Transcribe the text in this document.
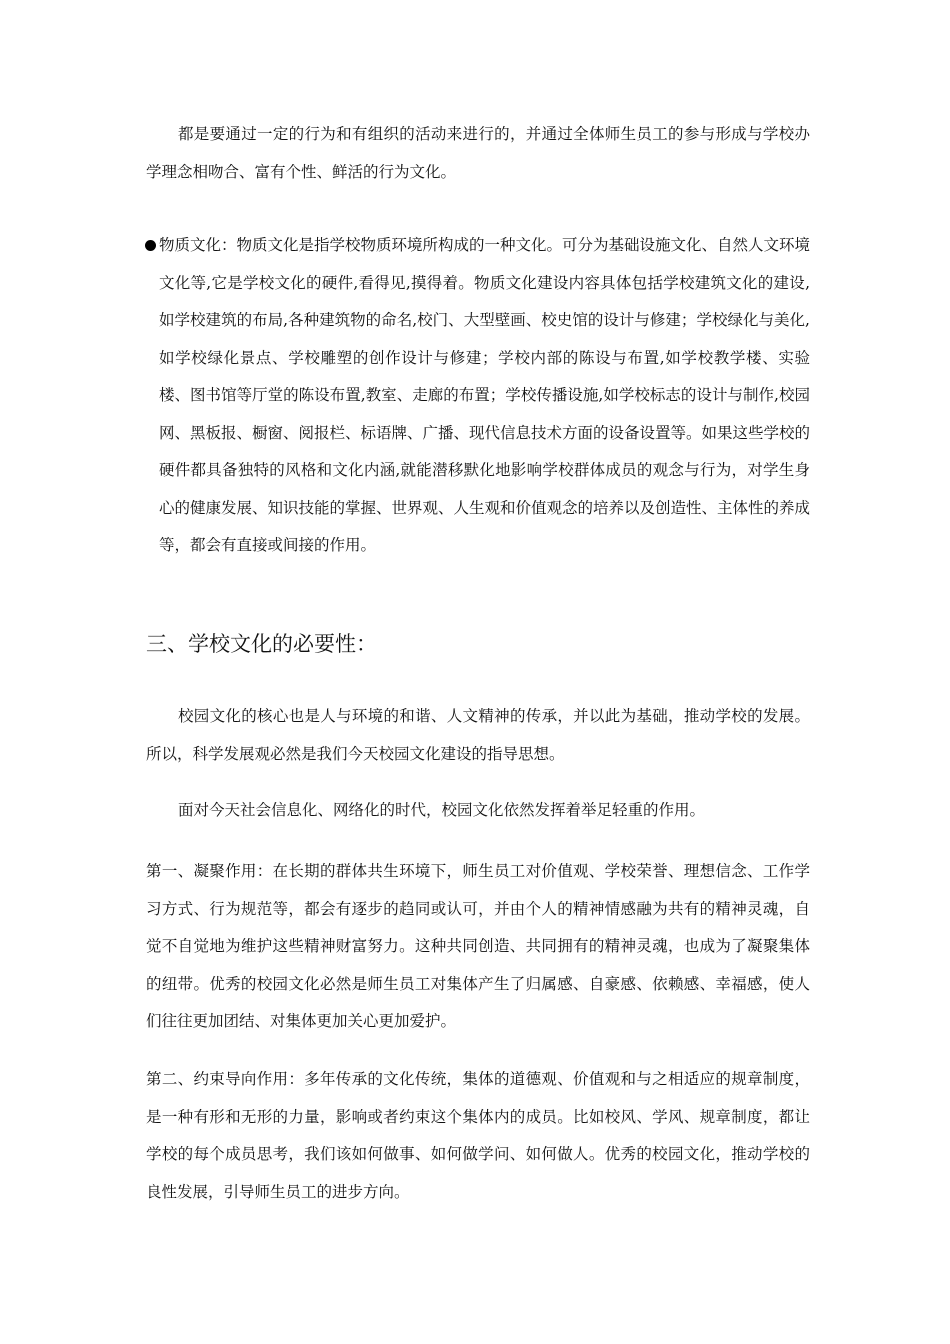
都是要通过一定的行为和有组织的活动来进行的，并通过全体师生员工的参与形成与学校办学理念相吻合、富有个性、鲜活的行为文化。

物质文化：物质文化是指学校物质环境所构成的一种文化。可分为基础设施文化、自然人文环境文化等,它是学校文化的硬件,看得见,摸得着。物质文化建设内容具体包括学校建筑文化的建设,如学校建筑的布局,各种建筑物的命名,校门、大型壁画、校史馆的设计与修建；学校绿化与美化,如学校绿化景点、学校雕塑的创作设计与修建；学校内部的陈设与布置,如学校教学楼、实验楼、图书馆等厅堂的陈设布置,教室、走廊的布置；学校传播设施,如学校标志的设计与制作,校园网、黑板报、橱窗、阅报栏、标语牌、广播、现代信息技术方面的设备设置等。如果这些学校的硬件都具备独特的风格和文化内涵,就能潜移默化地影响学校群体成员的观念与行为，对学生身心的健康发展、知识技能的掌握、世界观、人生观和价值观念的培养以及创造性、主体性的养成等，都会有直接或间接的作用。
三、学校文化的必要性：

校园文化的核心也是人与环境的和谐、人文精神的传承，并以此为基础，推动学校的发展。所以，科学发展观必然是我们今天校园文化建设的指导思想。

面对今天社会信息化、网络化的时代，校园文化依然发挥着举足轻重的作用。

第一、凝聚作用：在长期的群体共生环境下，师生员工对价值观、学校荣誉、理想信念、工作学习方式、行为规范等，都会有逐步的趋同或认可，并由个人的精神情感融为共有的精神灵魂，自觉不自觉地为维护这些精神财富努力。这种共同创造、共同拥有的精神灵魂，也成为了凝聚集体的纽带。优秀的校园文化必然是师生员工对集体产生了归属感、自豪感、依赖感、幸福感，使人们往往更加团结、对集体更加关心更加爱护。

第二、约束导向作用：多年传承的文化传统，集体的道德观、价值观和与之相适应的规章制度，是一种有形和无形的力量，影响或者约束这个集体内的成员。比如校风、学风、规章制度，都让学校的每个成员思考，我们该如何做事、如何做学问、如何做人。优秀的校园文化，推动学校的良性发展，引导师生员工的进步方向。
